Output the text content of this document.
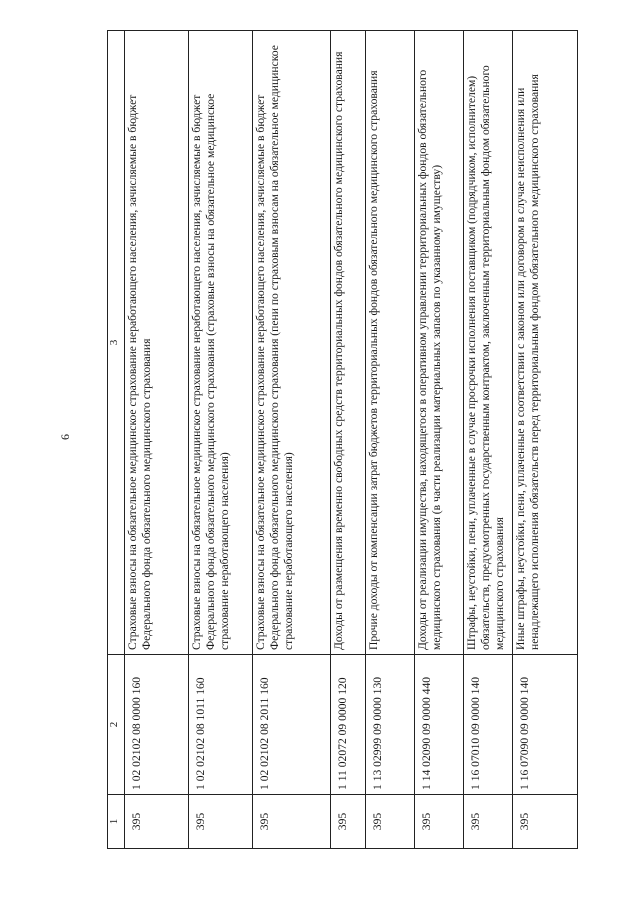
6
1	2	3
395	1 02 02102 08 0000 160	Страховые взносы на обязательное медицинское страхование неработающего населения, зачисляемые в бюджет Федерального фонда обязательного медицинского страхования
395	1 02 02102 08 1011 160	Страховые взносы на обязательное медицинское страхование неработающего населения, зачисляемые в бюджет Федерального фонда обязательного медицинского страхования (страховые взносы на обязательное медицинское страхование неработающего населения)
395	1 02 02102 08 2011 160	Страховые взносы на обязательное медицинское страхование неработающего населения, зачисляемые в бюджет Федерального фонда обязательного медицинского страхования (пени по страховым взносам на обязательное медицинское страхование неработающего населения)
395	1 11 02072 09 0000 120	Доходы от размещения временно свободных средств территориальных фондов обязательного медицинского страхования
395	1 13 02999 09 0000 130	Прочие доходы от компенсации затрат бюджетов территориальных фондов обязательного медицинского страхования
395	1 14 02090 09 0000 440	Доходы от реализации имущества, находящегося в оперативном управлении территориальных фондов обязательного медицинского страхования (в части реализации материальных запасов по указанному имуществу)
395	1 16 07010 09 0000 140	Штрафы, неустойки, пени, уплаченные в случае просрочки исполнения поставщиком (подрядчиком, исполнителем) обязательств, предусмотренных государственным контрактом, заключенным территориальным фондом обязательного медицинского страхования
395	1 16 07090 09 0000 140	Иные штрафы, неустойки, пени, уплаченные в соответствии с законом или договором в случае неисполнения или ненадлежащего исполнения обязательств перед территориальным фондом обязательного медицинского страхования
